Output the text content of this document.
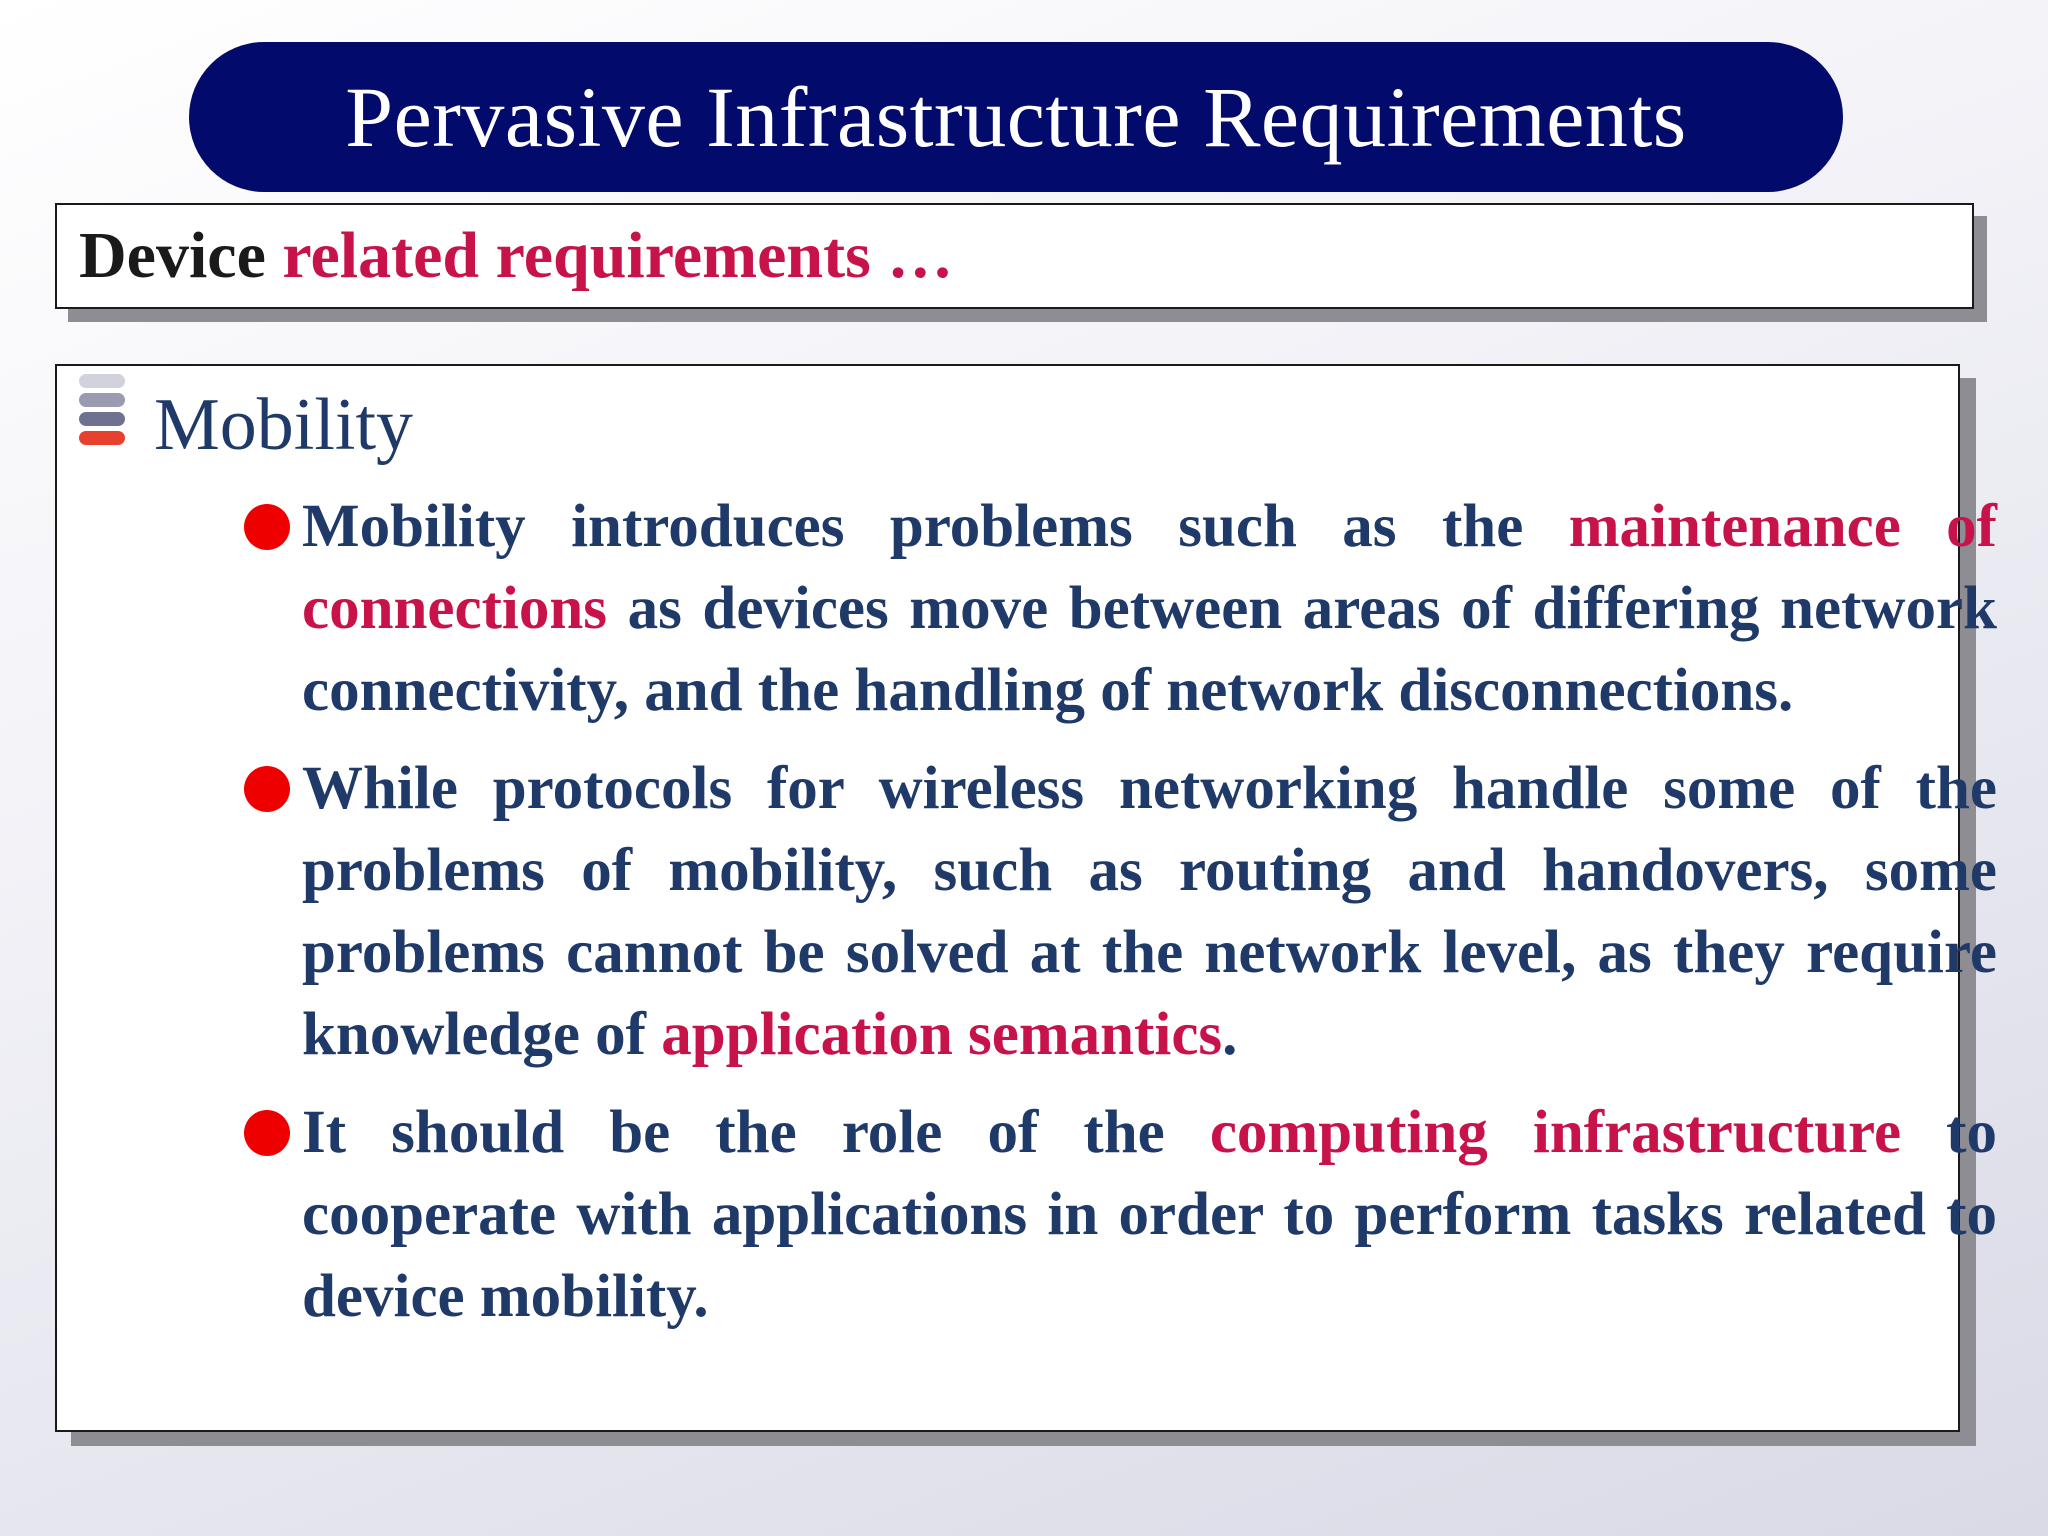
Pervasive Infrastructure Requirements
Device
related requirements …
Mobility
Mobility introduces problems such as the maintenance of connections as devices move between areas of differing network connectivity, and the handling of network disconnections.
While protocols for wireless networking handle some of the problems of mobility, such as routing and handovers, some problems cannot be solved at the network level, as they require knowledge of application semantics.
It should be the role of the computing infrastructure to cooperate with applications in order to perform tasks related to device mobility.
